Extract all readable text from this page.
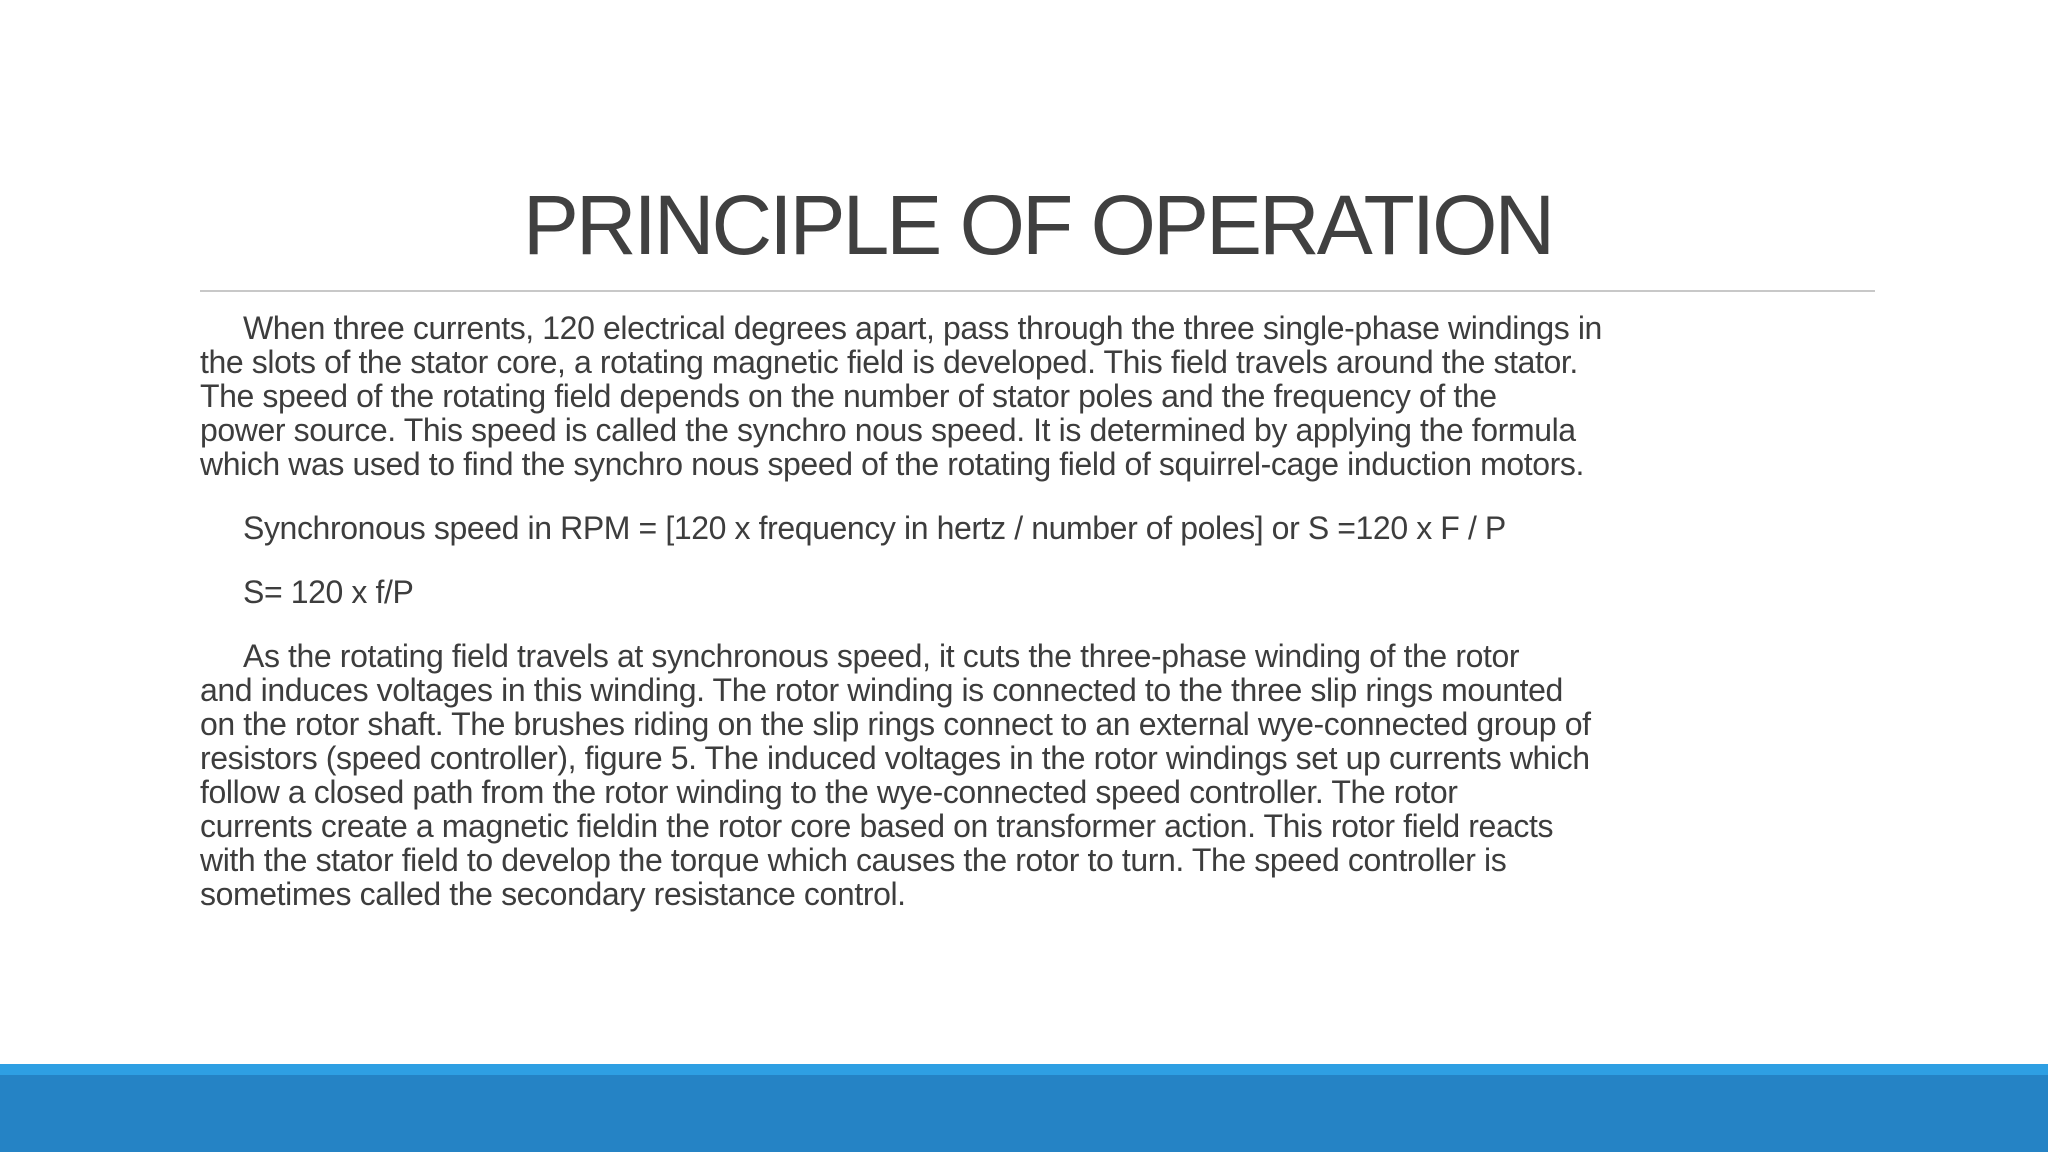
PRINCIPLE OF OPERATION

When three currents, 120 electrical degrees apart, pass through the three single-phase windings in
the slots of the stator core, a rotating magnetic field is developed. This field travels around the stator.
The speed of the rotating field depends on the number of stator poles and the frequency of the
power source. This speed is called the synchro nous speed. It is determined by applying the formula
which was used to find the synchro nous speed of the rotating field of squirrel-cage induction motors.

Synchronous speed in RPM = [120 x frequency in hertz / number of poles] or S =120 x F / P

S= 120 x f/P

As the rotating field travels at synchronous speed, it cuts the three-phase winding of the rotor
and induces voltages in this winding. The rotor winding is connected to the three slip rings mounted
on the rotor shaft. The brushes riding on the slip rings connect to an external wye-connected group of
resistors (speed controller), figure 5. The induced voltages in the rotor windings set up currents which
follow a closed path from the rotor winding to the wye-connected speed controller. The rotor
currents create a magnetic fieldin the rotor core based on transformer action. This rotor field reacts
with the stator field to develop the torque which causes the rotor to turn. The speed controller is
sometimes called the secondary resistance control.
